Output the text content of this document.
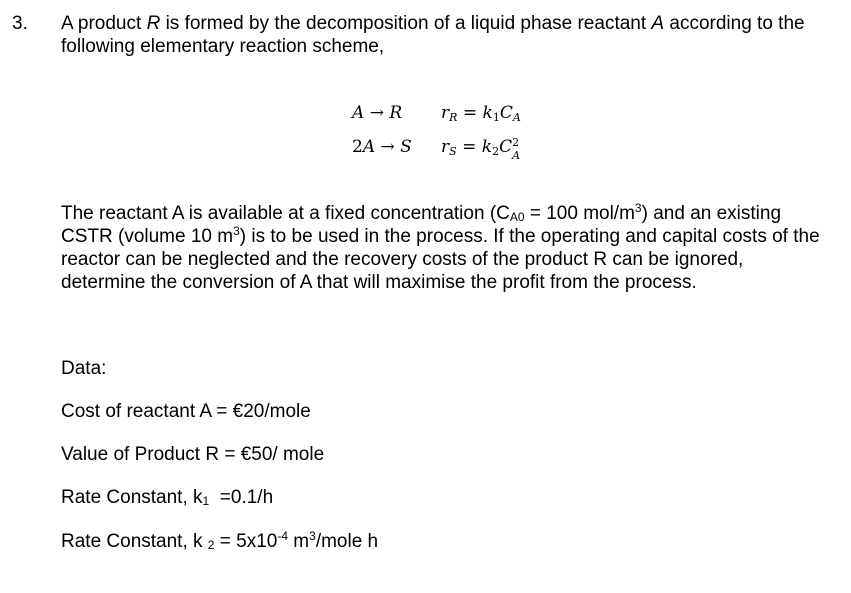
3. A product R is formed by the decomposition of a liquid phase reactant A according to the following elementary reaction scheme,
A → R $r_R = k_1C_A$
2A → S $r_S = k_2C$ 2
A
The reactant A is available at a fixed concentration ($C_{A0} = 100$ mol/$m^3$) and an existing CSTR (volume 10 $m^3$) is to be used in the process. If the operating and capital costs of the reactor can be neglected and the recovery costs of the product R can be ignored, determine the conversion of A that will maximise the profit from the process.
Data:
Cost of reactant A = €20/mole
Value of Product R = €50/ mole
Rate Constant, $k_1 =0.1/h$
Rate Constant, k $_2 = 5x10^{-4}$ $m^3$/mole h
